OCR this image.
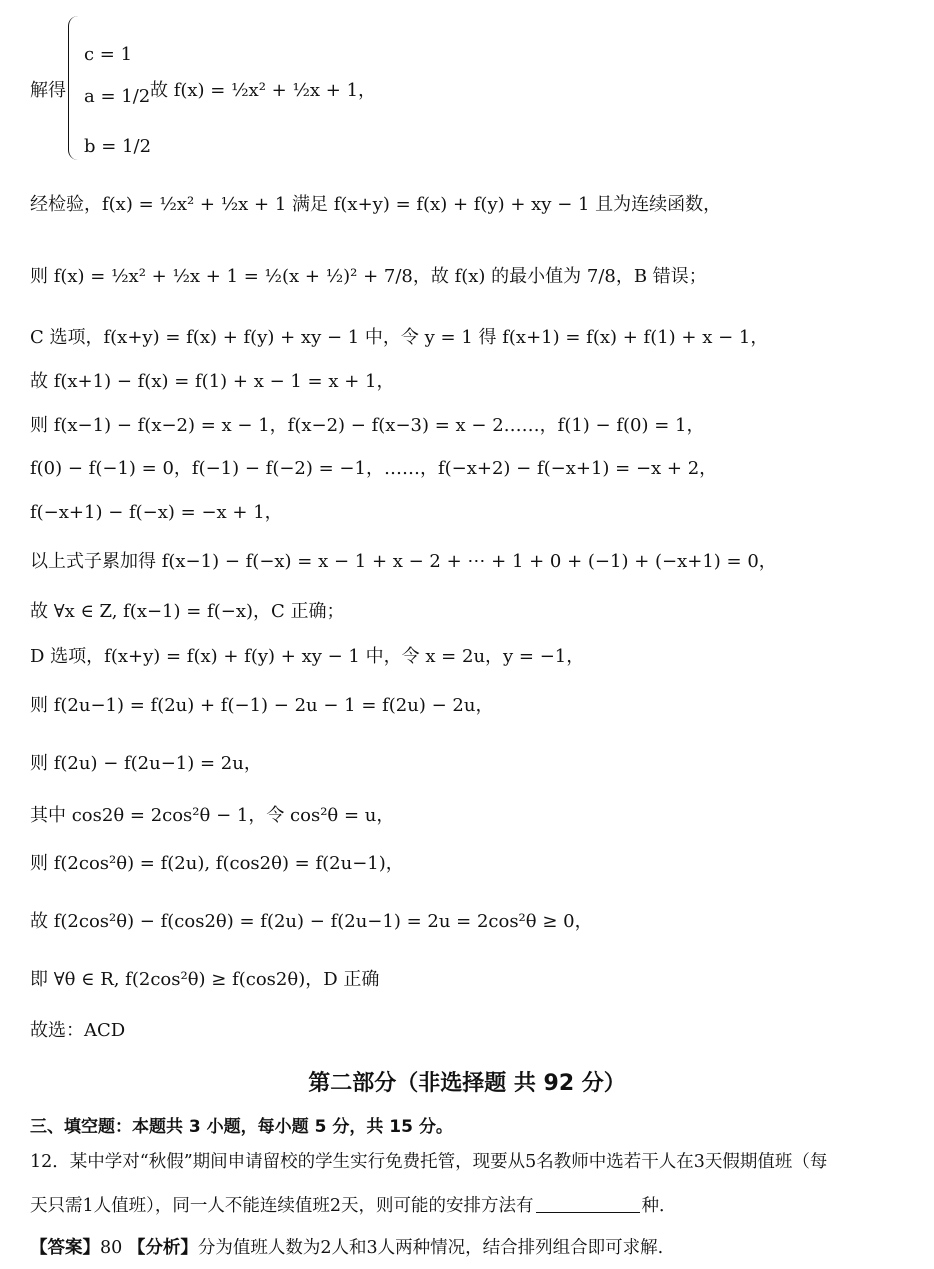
解得
c = 1
a = 1/2
b = 1/2
故 f(x) = ½x² + ½x + 1，
经检验，f(x) = ½x² + ½x + 1 满足 f(x+y) = f(x) + f(y) + xy − 1 且为连续函数，
则 f(x) = ½x² + ½x + 1 = ½(x + ½)² + 7/8，故 f(x) 的最小值为 7/8，B 错误；
C 选项，f(x+y) = f(x) + f(y) + xy − 1 中，令 y = 1 得 f(x+1) = f(x) + f(1) + x − 1，
故 f(x+1) − f(x) = f(1) + x − 1 = x + 1，
则 f(x−1) − f(x−2) = x − 1，f(x−2) − f(x−3) = x − 2……，f(1) − f(0) = 1，
f(0) − f(−1) = 0，f(−1) − f(−2) = −1，……，f(−x+2) − f(−x+1) = −x + 2，
f(−x+1) − f(−x) = −x + 1，
以上式子累加得 f(x−1) − f(−x) = x − 1 + x − 2 + ⋯ + 1 + 0 + (−1) + (−x+1) = 0，
故 ∀x ∈ Z, f(x−1) = f(−x)，C 正确；
D 选项，f(x+y) = f(x) + f(y) + xy − 1 中，令 x = 2u，y = −1，
则 f(2u−1) = f(2u) + f(−1) − 2u − 1 = f(2u) − 2u，
则 f(2u) − f(2u−1) = 2u，
其中 cos2θ = 2cos²θ − 1，令 cos²θ = u，
则 f(2cos²θ) = f(2u), f(cos2θ) = f(2u−1)，
故 f(2cos²θ) − f(cos2θ) = f(2u) − f(2u−1) = 2u = 2cos²θ ≥ 0，
即 ∀θ ∈ R, f(2cos²θ) ≥ f(cos2θ)，D 正确
故选：ACD
第二部分（非选择题 共 92 分）
三、填空题：本题共 3 小题，每小题 5 分，共 15 分。
12．某中学对“秋假”期间申请留校的学生实行免费托管，现要从5名教师中选若干人在3天假期值班（每
天只需1人值班），同一人不能连续值班2天，则可能的安排方法有	种．
【答案】80 【分析】分为值班人数为2人和3人两种情况，结合排列组合即可求解.
